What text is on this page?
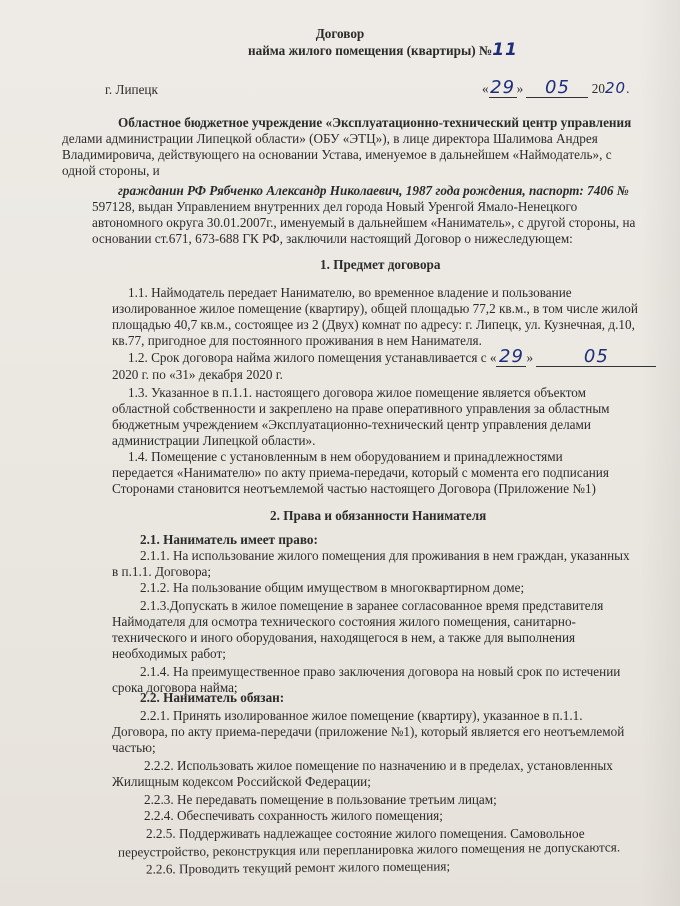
Договор
найма жилого помещения (квартиры) №11
г. Липецк	«29 » 05 2020.
Областное бюджетное учреждение «Эксплуатационно-технический центр управления
делами администрации Липецкой области» (ОБУ «ЭТЦ»), в лице директора Шалимова Андрея
Владимировича, действующего на основании Устава, именуемое в дальнейшем «Наймодатель», с
одной стороны, и
гражданин РФ Рябченко Александр Николаевич, 1987 года рождения, паспорт: 7406 №
597128, выдан Управлением внутренних дел города Новый Уренгой Ямало-Ненецкого
автономного округа 30.01.2007г., именуемый в дальнейшем «Наниматель», с другой стороны, на
основании ст.671, 673-688 ГК РФ, заключили настоящий Договор о нижеследующем:
1. Предмет договора
1.1. Наймодатель передает Нанимателю, во временное владение и пользование
изолированное жилое помещение (квартиру), общей площадью 77,2 кв.м., в том числе жилой
площадью 40,7 кв.м., состоящее из 2 (Двух) комнат по адресу: г. Липецк, ул. Кузнечная, д.10,
кв.77, пригодное для постоянного проживания в нем Нанимателя.
1.2. Срок договора найма жилого помещения устанавливается с « 29 »	05
2020 г. по «31» декабря 2020 г.
1.3. Указанное в п.1.1. настоящего договора жилое помещение является объектом
областной собственности и закреплено на праве оперативного управления за областным
бюджетным учреждением «Эксплуатационно-технический центр управления делами
администрации Липецкой области».
1.4. Помещение с установленным в нем оборудованием и принадлежностями
передается «Нанимателю» по акту приема-передачи, который с момента его подписания
Сторонами становится неотъемлемой частью настоящего Договора (Приложение №1)
2. Права и обязанности Нанимателя
2.1. Наниматель имеет право:
2.1.1. На использование жилого помещения для проживания в нем граждан, указанных
в п.1.1. Договора;
2.1.2. На пользование общим имуществом в многоквартирном доме;
2.1.3.Допускать в жилое помещение в заранее согласованное время представителя
Наймодателя для осмотра технического состояния жилого помещения, санитарно-
технического и иного оборудования, находящегося в нем, а также для выполнения
необходимых работ;
2.1.4. На преимущественное право заключения договора на новый срок по истечении
срока договора найма;
2.2. Наниматель обязан:
2.2.1. Принять изолированное жилое помещение (квартиру), указанное в п.1.1.
Договора, по акту приема-передачи (приложение №1), который является его неотъемлемой
частью;
2.2.2. Использовать жилое помещение по назначению и в пределах, установленных
Жилищным кодексом Российской Федерации;
2.2.3. Не передавать помещение в пользование третьим лицам;
2.2.4. Обеспечивать сохранность жилого помещения;
2.2.5. Поддерживать надлежащее состояние жилого помещения. Самовольное
переустройство, реконструкция или перепланировка жилого помещения не допускаются.
2.2.6. Проводить текущий ремонт жилого помещения;
